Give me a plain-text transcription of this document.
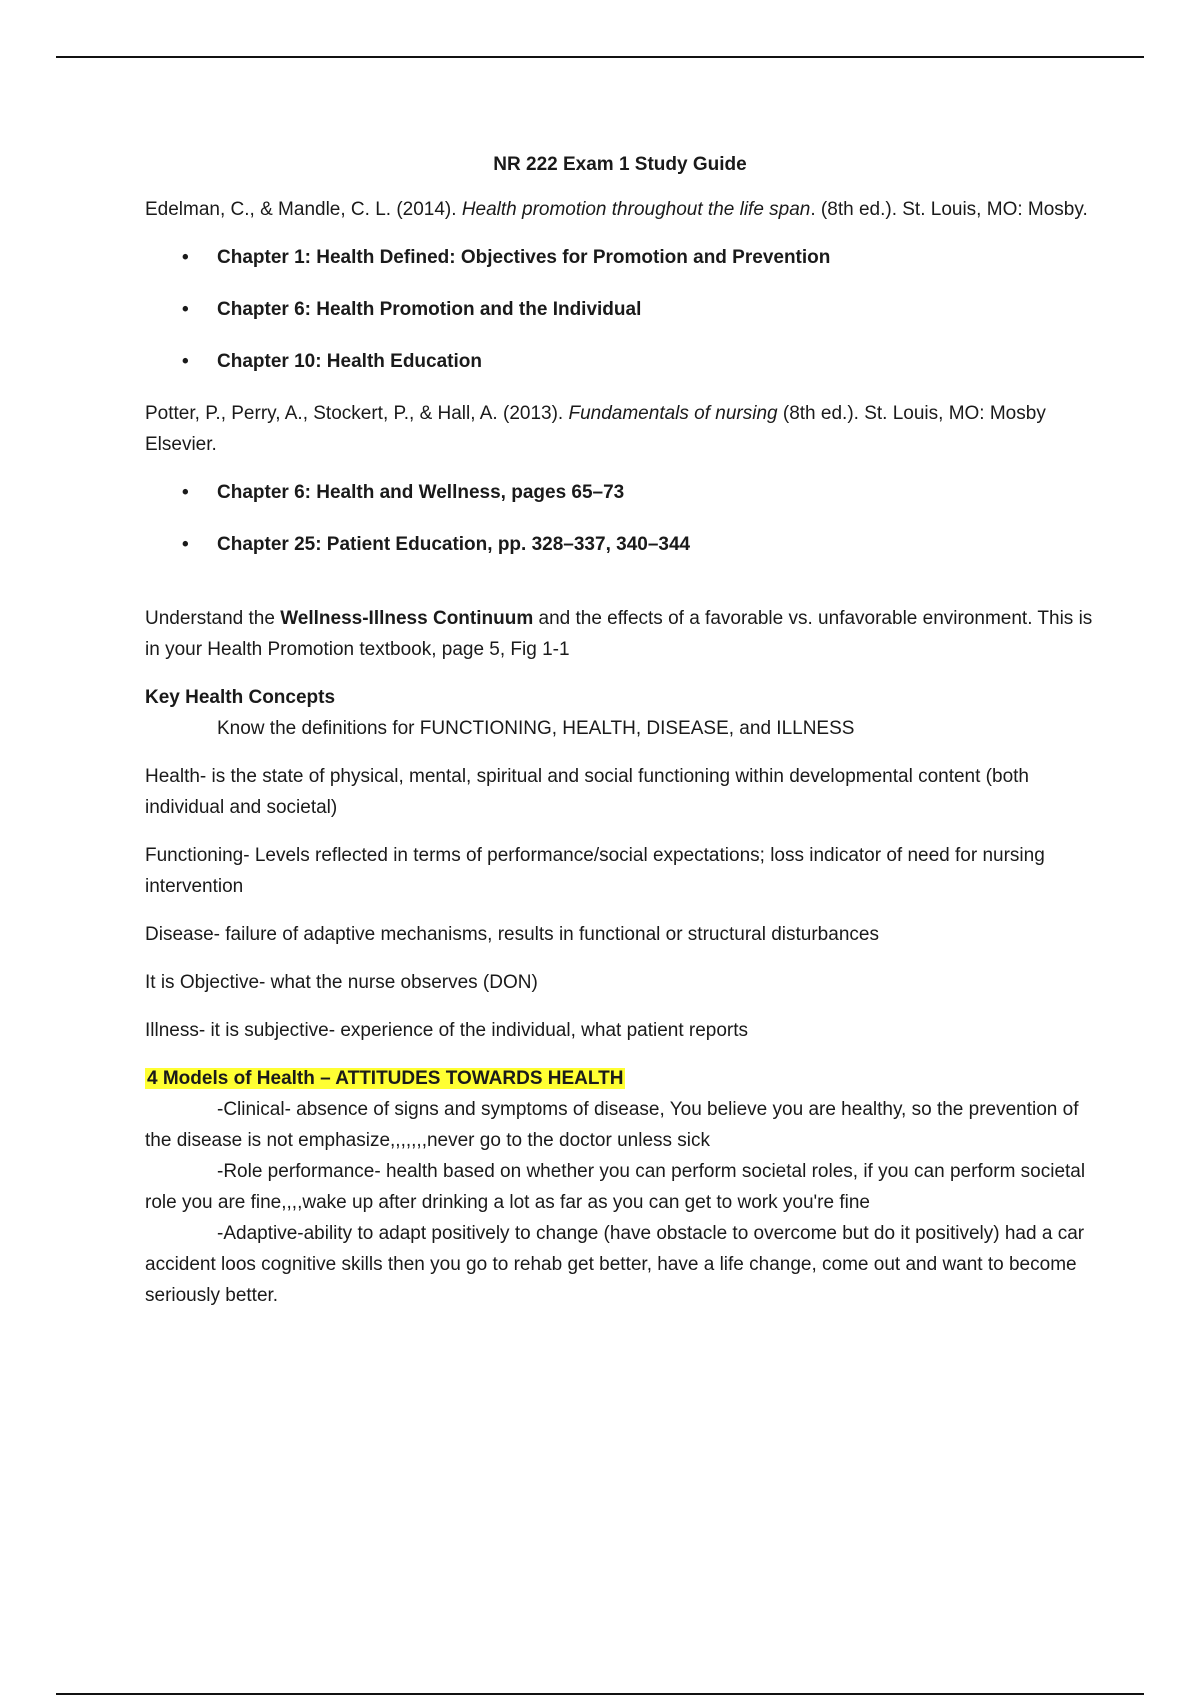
NR 222 Exam 1 Study Guide

Edelman, C., & Mandle, C. L. (2014). Health promotion throughout the life span. (8th ed.). St. Louis, MO: Mosby.

• Chapter 1: Health Defined: Objectives for Promotion and Prevention
• Chapter 6: Health Promotion and the Individual
• Chapter 10: Health Education

Potter, P., Perry, A., Stockert, P., & Hall, A. (2013). Fundamentals of nursing (8th ed.). St. Louis, MO: Mosby Elsevier.

• Chapter 6: Health and Wellness, pages 65–73
• Chapter 25: Patient Education, pp. 328–337, 340–344

Understand the Wellness-Illness Continuum and the effects of a favorable vs. unfavorable environment. This is in your Health Promotion textbook, page 5, Fig 1-1

Key Health Concepts

Know the definitions for FUNCTIONING, HEALTH, DISEASE, and ILLNESS

Health- is the state of physical, mental, spiritual and social functioning within developmental content (both individual and societal)

Functioning- Levels reflected in terms of performance/social expectations; loss indicator of need for nursing intervention

Disease- failure of adaptive mechanisms, results in functional or structural disturbances

It is Objective- what the nurse observes (DON)

Illness- it is subjective- experience of the individual, what patient reports

4 Models of Health – ATTITUDES TOWARDS HEALTH

-Clinical- absence of signs and symptoms of disease, You believe you are healthy, so the prevention of the disease is not emphasize,,,,,,,never go to the doctor unless sick

-Role performance- health based on whether you can perform societal roles, if you can perform societal role you are fine,,,,wake up after drinking a lot as far as you can get to work you're fine

-Adaptive-ability to adapt positively to change (have obstacle to overcome but do it positively) had a car accident loos cognitive skills then you go to rehab get better, have a life change, come out and want to become seriously better.
